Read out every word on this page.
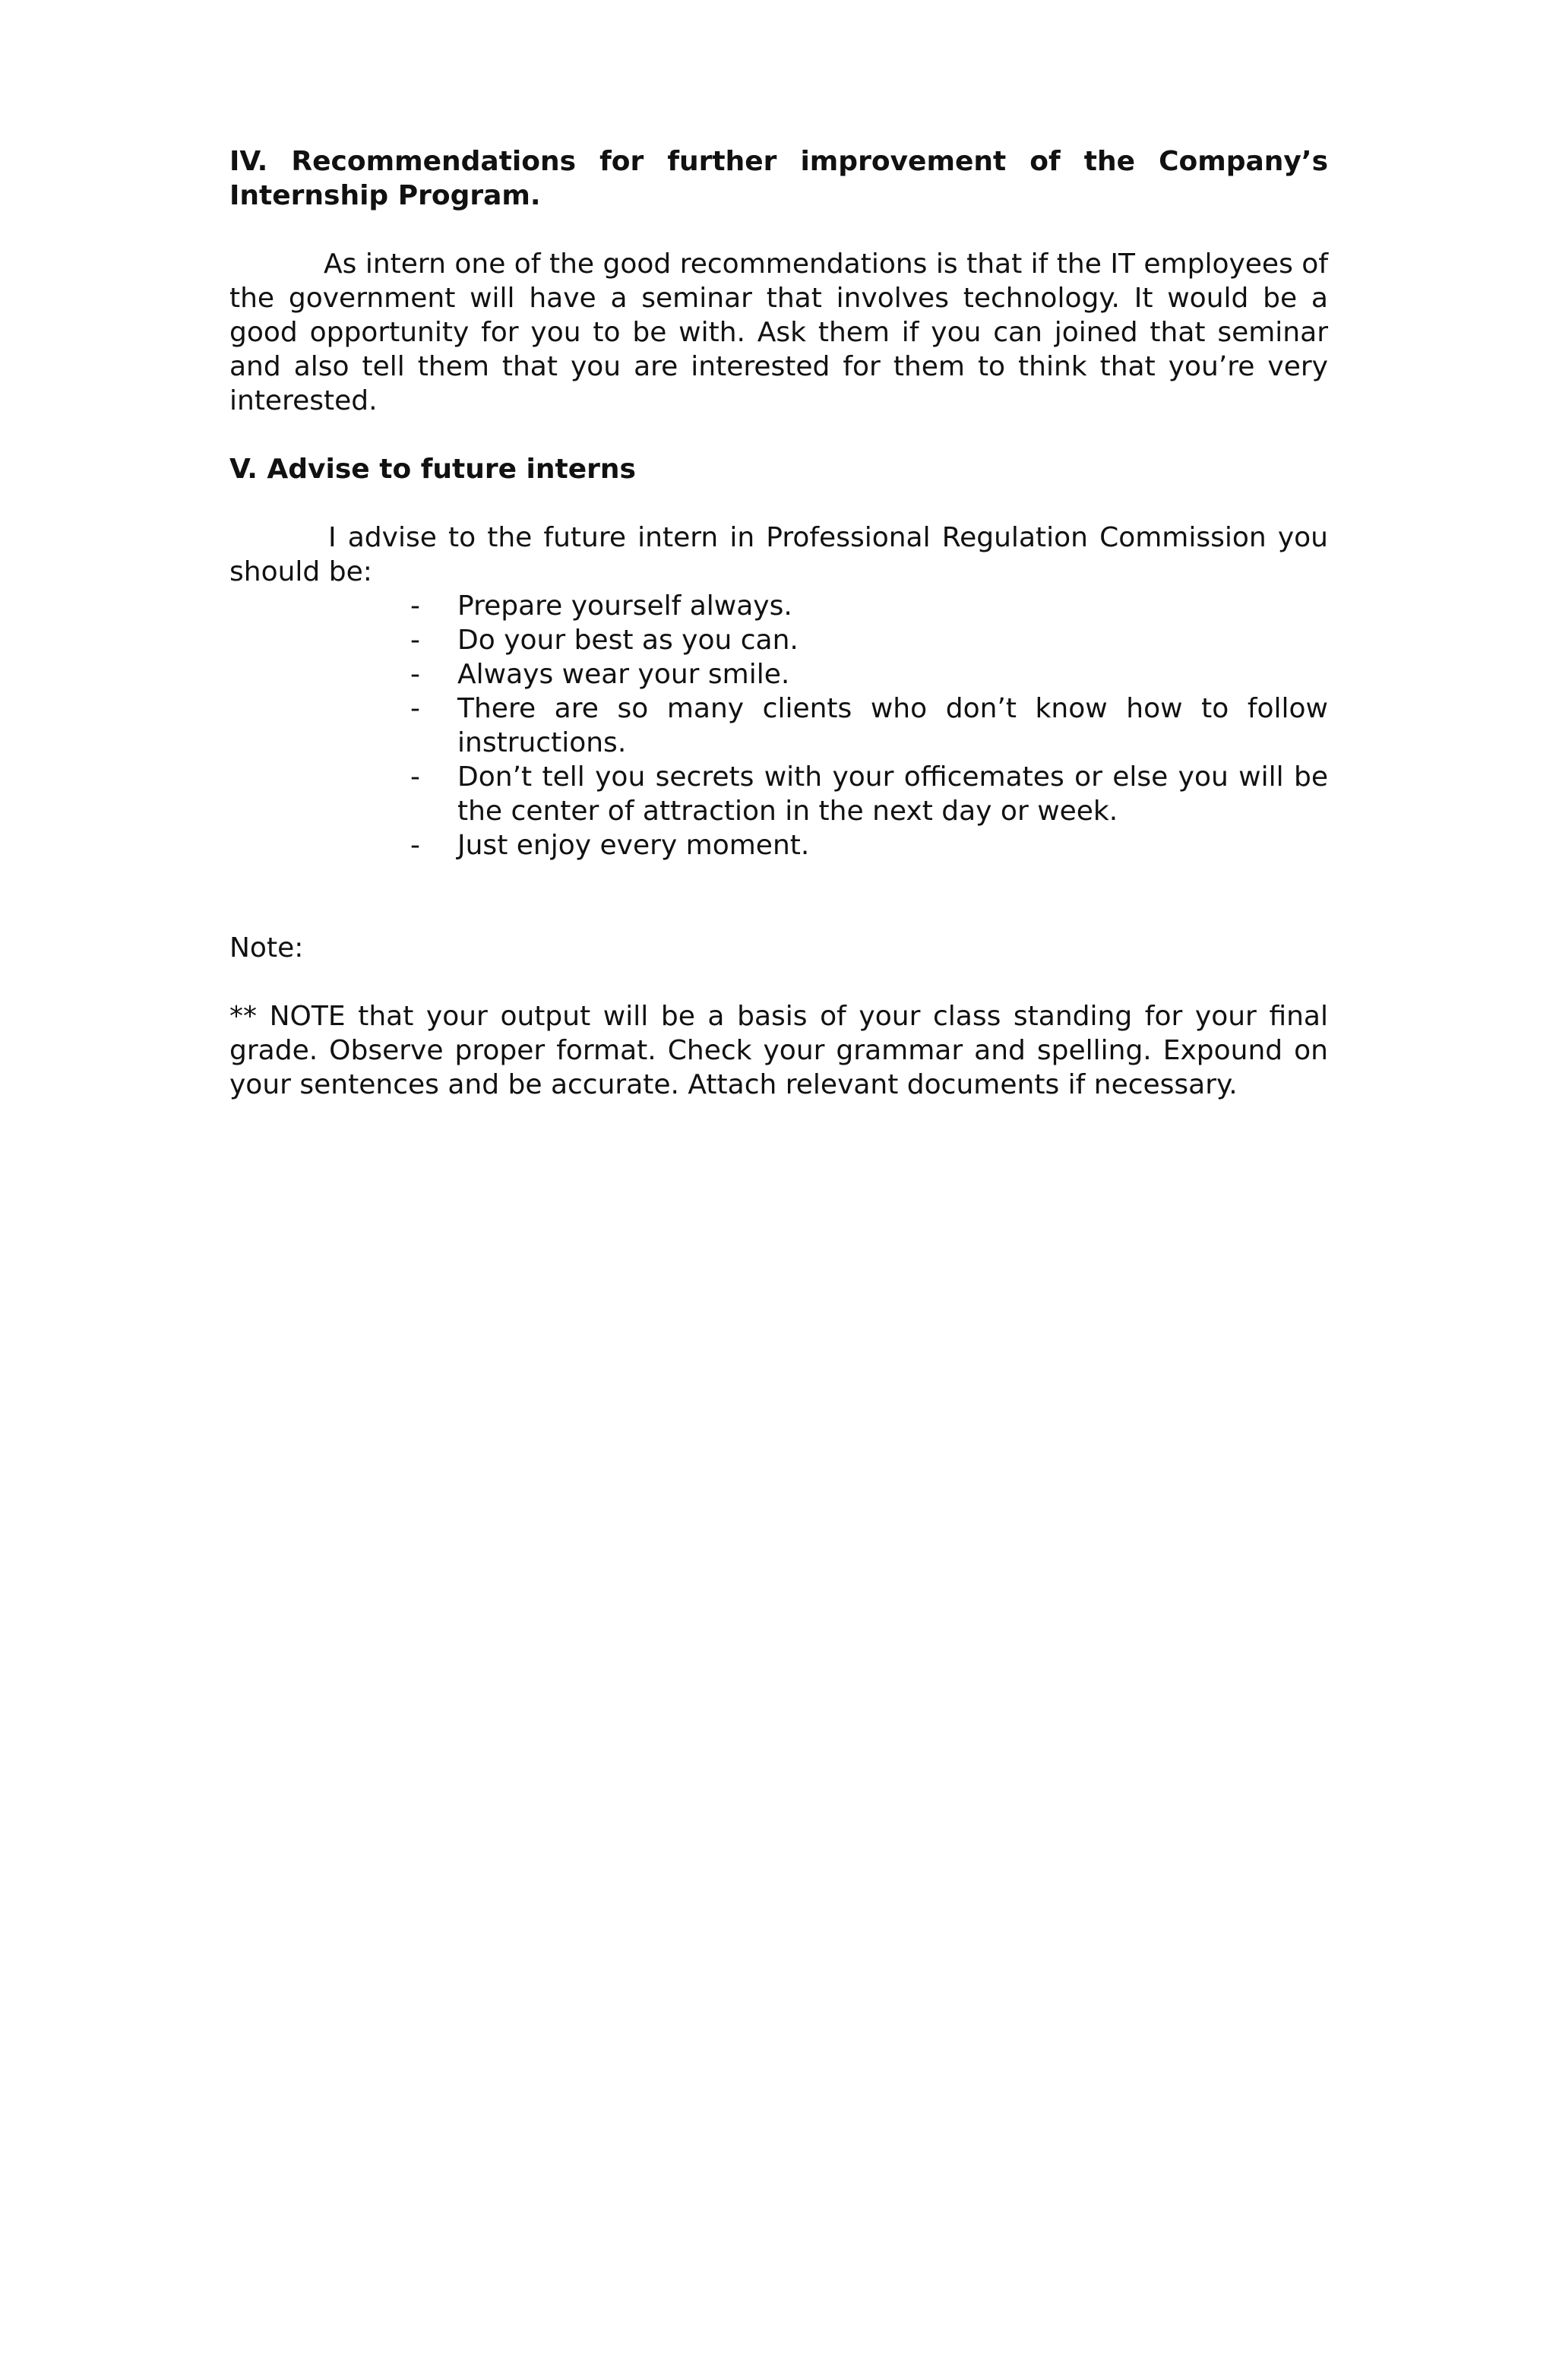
IV. Recommendations for further improvement of the Company’s Internship Program.

As intern one of the good recommendations is that if the IT employees of the government will have a seminar that involves technology. It would be a good opportunity for you to be with. Ask them if you can joined that seminar and also tell them that you are interested for them to think that you’re very interested.

V. Advise to future interns

I advise to the future intern in Professional Regulation Commission you should be:

- Prepare yourself always.
- Do your best as you can.
- Always wear your smile.
- There are so many clients who don’t know how to follow instructions.
- Don’t tell you secrets with your officemates or else you will be the center of attraction in the next day or week.
- Just enjoy every moment.

Note:

** NOTE that your output will be a basis of your class standing for your final grade. Observe proper format. Check your grammar and spelling. Expound on your sentences and be accurate. Attach relevant documents if necessary.
